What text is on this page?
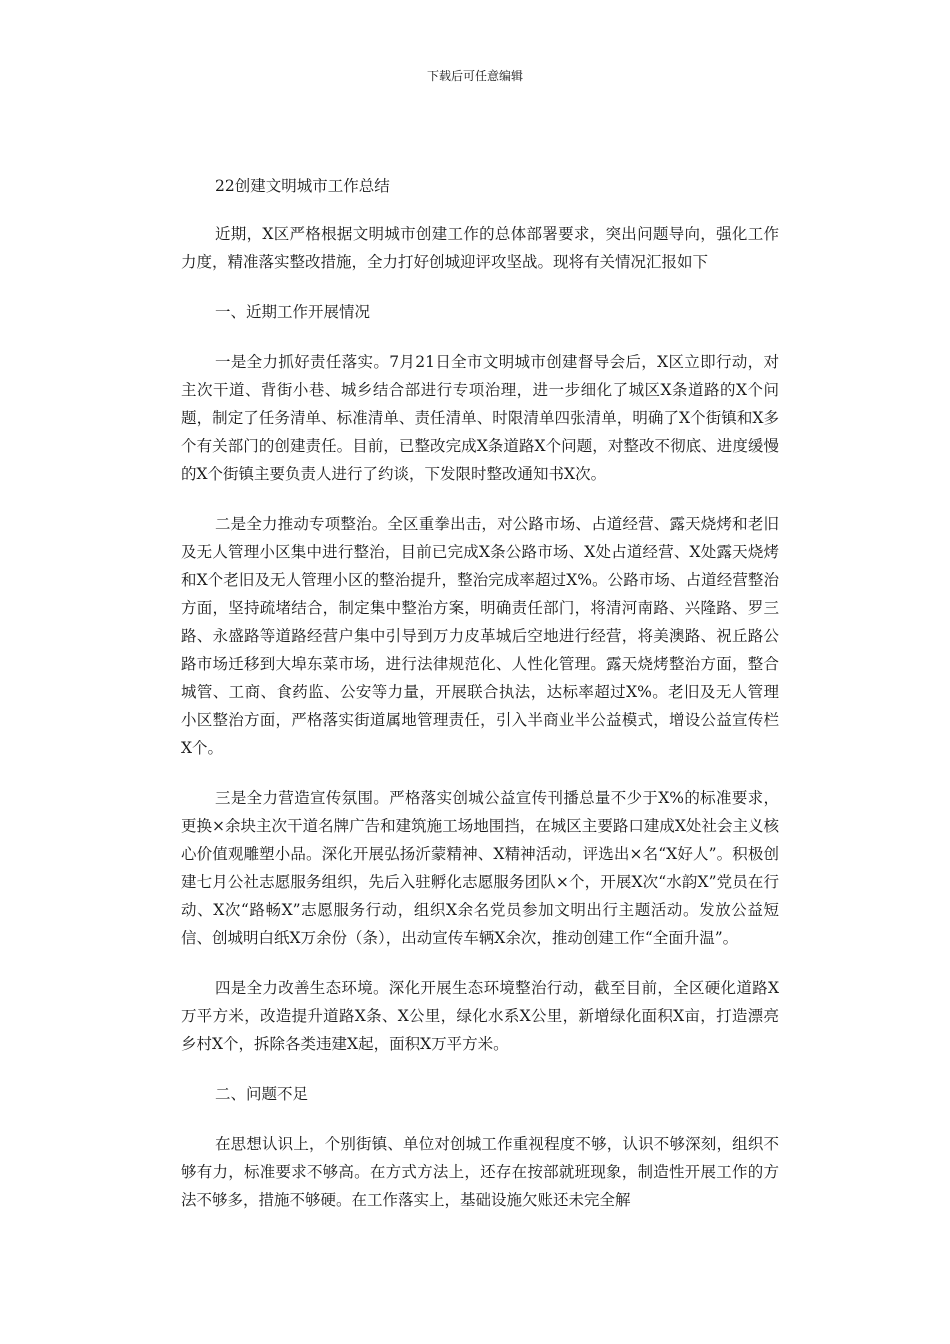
下载后可任意编辑
22创建文明城市工作总结

近期，X区严格根据文明城市创建工作的总体部署要求，突出问题导向，强化工作力度，精准落实整改措施，全力打好创城迎评攻坚战。现将有关情况汇报如下

一、近期工作开展情况

一是全力抓好责任落实。7月21日全市文明城市创建督导会后，X区立即行动，对主次干道、背街小巷、城乡结合部进行专项治理，进一步细化了城区X条道路的X个问题，制定了任务清单、标准清单、责任清单、时限清单四张清单，明确了X个街镇和X多个有关部门的创建责任。目前，已整改完成X条道路X个问题，对整改不彻底、进度缓慢的X个街镇主要负责人进行了约谈，下发限时整改通知书X次。

二是全力推动专项整治。全区重拳出击，对公路市场、占道经营、露天烧烤和老旧及无人管理小区集中进行整治，目前已完成X条公路市场、X处占道经营、X处露天烧烤和X个老旧及无人管理小区的整治提升，整治完成率超过X%。公路市场、占道经营整治方面，坚持疏堵结合，制定集中整治方案，明确责任部门，将清河南路、兴隆路、罗三路、永盛路等道路经营户集中引导到万力皮革城后空地进行经营，将美澳路、祝丘路公路市场迁移到大埠东菜市场，进行法律规范化、人性化管理。露天烧烤整治方面，整合城管、工商、食药监、公安等力量，开展联合执法，达标率超过X%。老旧及无人管理小区整治方面，严格落实街道属地管理责任，引入半商业半公益模式，增设公益宣传栏X个。

三是全力营造宣传氛围。严格落实创城公益宣传刊播总量不少于X%的标准要求，更换×余块主次干道名牌广告和建筑施工场地围挡，在城区主要路口建成X处社会主义核心价值观雕塑小品。深化开展弘扬沂蒙精神、X精神活动，评选出×名“X好人”。积极创建七月公社志愿服务组织，先后入驻孵化志愿服务团队×个，开展X次“水韵X”党员在行动、X次“路畅X”志愿服务行动，组织X余名党员参加文明出行主题活动。发放公益短信、创城明白纸X万余份（条），出动宣传车辆X余次，推动创建工作“全面升温”。

四是全力改善生态环境。深化开展生态环境整治行动，截至目前，全区硬化道路X万平方米，改造提升道路X条、X公里，绿化水系X公里，新增绿化面积X亩，打造漂亮乡村X个，拆除各类违建X起，面积X万平方米。

二、问题不足

在思想认识上，个别街镇、单位对创城工作重视程度不够，认识不够深刻，组织不够有力，标准要求不够高。在方式方法上，还存在按部就班现象，制造性开展工作的方法不够多，措施不够硬。在工作落实上，基础设施欠账还未完全解
